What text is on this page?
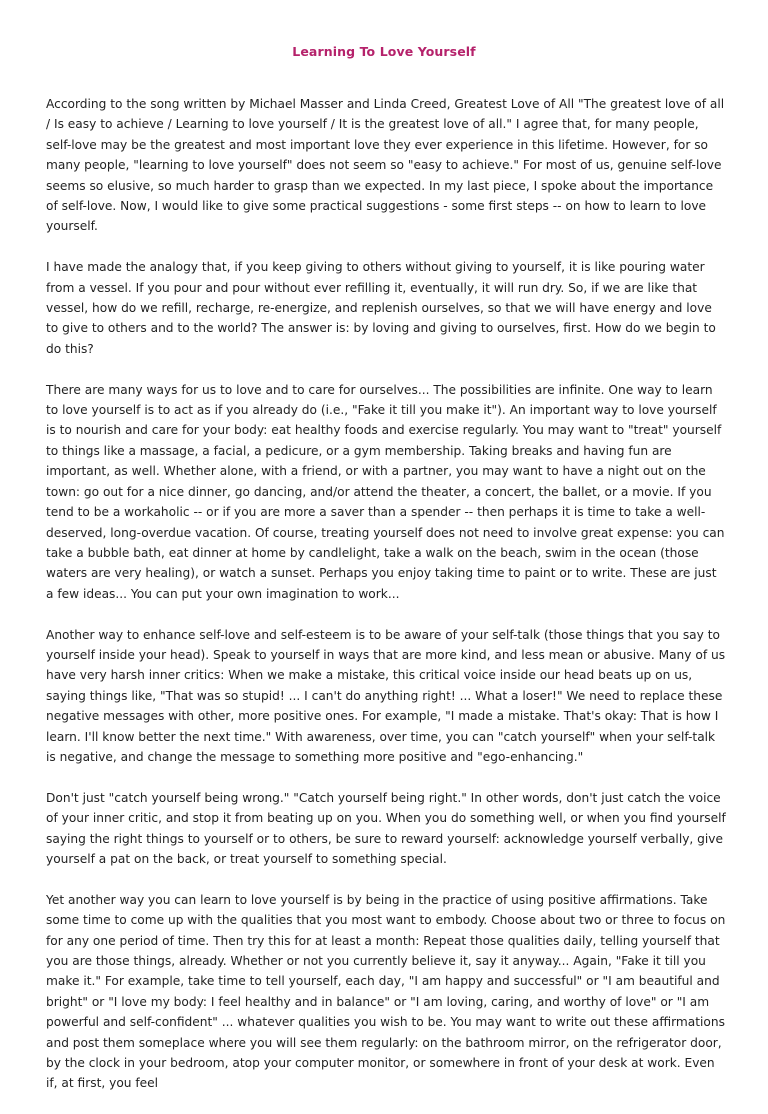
Learning To Love Yourself

According to the song written by Michael Masser and Linda Creed, Greatest Love of All "The greatest love of all / Is easy to achieve / Learning to love yourself / It is the greatest love of all." I agree that, for many people, self-love may be the greatest and most important love they ever experience in this lifetime. However, for so many people, "learning to love yourself" does not seem so "easy to achieve." For most of us, genuine self-love seems so elusive, so much harder to grasp than we expected. In my last piece, I spoke about the importance of self-love. Now, I would like to give some practical suggestions - some first steps -- on how to learn to love yourself.

I have made the analogy that, if you keep giving to others without giving to yourself, it is like pouring water from a vessel. If you pour and pour without ever refilling it, eventually, it will run dry. So, if we are like that vessel, how do we refill, recharge, re-energize, and replenish ourselves, so that we will have energy and love to give to others and to the world? The answer is: by loving and giving to ourselves, first. How do we begin to do this?

There are many ways for us to love and to care for ourselves... The possibilities are infinite. One way to learn to love yourself is to act as if you already do (i.e., "Fake it till you make it"). An important way to love yourself is to nourish and care for your body: eat healthy foods and exercise regularly. You may want to "treat" yourself to things like a massage, a facial, a pedicure, or a gym membership. Taking breaks and having fun are important, as well. Whether alone, with a friend, or with a partner, you may want to have a night out on the town: go out for a nice dinner, go dancing, and/or attend the theater, a concert, the ballet, or a movie. If you tend to be a workaholic -- or if you are more a saver than a spender -- then perhaps it is time to take a well-deserved, long-overdue vacation. Of course, treating yourself does not need to involve great expense: you can take a bubble bath, eat dinner at home by candlelight, take a walk on the beach, swim in the ocean (those waters are very healing), or watch a sunset. Perhaps you enjoy taking time to paint or to write. These are just a few ideas... You can put your own imagination to work...

Another way to enhance self-love and self-esteem is to be aware of your self-talk (those things that you say to yourself inside your head). Speak to yourself in ways that are more kind, and less mean or abusive. Many of us have very harsh inner critics: When we make a mistake, this critical voice inside our head beats up on us, saying things like, "That was so stupid! ... I can't do anything right! ... What a loser!" We need to replace these negative messages with other, more positive ones. For example, "I made a mistake. That's okay: That is how I learn. I'll know better the next time." With awareness, over time, you can "catch yourself" when your self-talk is negative, and change the message to something more positive and "ego-enhancing."

Don't just "catch yourself being wrong." "Catch yourself being right." In other words, don't just catch the voice of your inner critic, and stop it from beating up on you. When you do something well, or when you find yourself saying the right things to yourself or to others, be sure to reward yourself: acknowledge yourself verbally, give yourself a pat on the back, or treat yourself to something special.

Yet another way you can learn to love yourself is by being in the practice of using positive affirmations. Take some time to come up with the qualities that you most want to embody. Choose about two or three to focus on for any one period of time. Then try this for at least a month: Repeat those qualities daily, telling yourself that you are those things, already. Whether or not you currently believe it, say it anyway... Again, "Fake it till you make it." For example, take time to tell yourself, each day, "I am happy and successful" or "I am beautiful and bright" or "I love my body: I feel healthy and in balance" or "I am loving, caring, and worthy of love" or "I am powerful and self-confident" ... whatever qualities you wish to be. You may want to write out these affirmations and post them someplace where you will see them regularly: on the bathroom mirror, on the refrigerator door, by the clock in your bedroom, atop your computer monitor, or somewhere in front of your desk at work. Even if, at first, you feel
